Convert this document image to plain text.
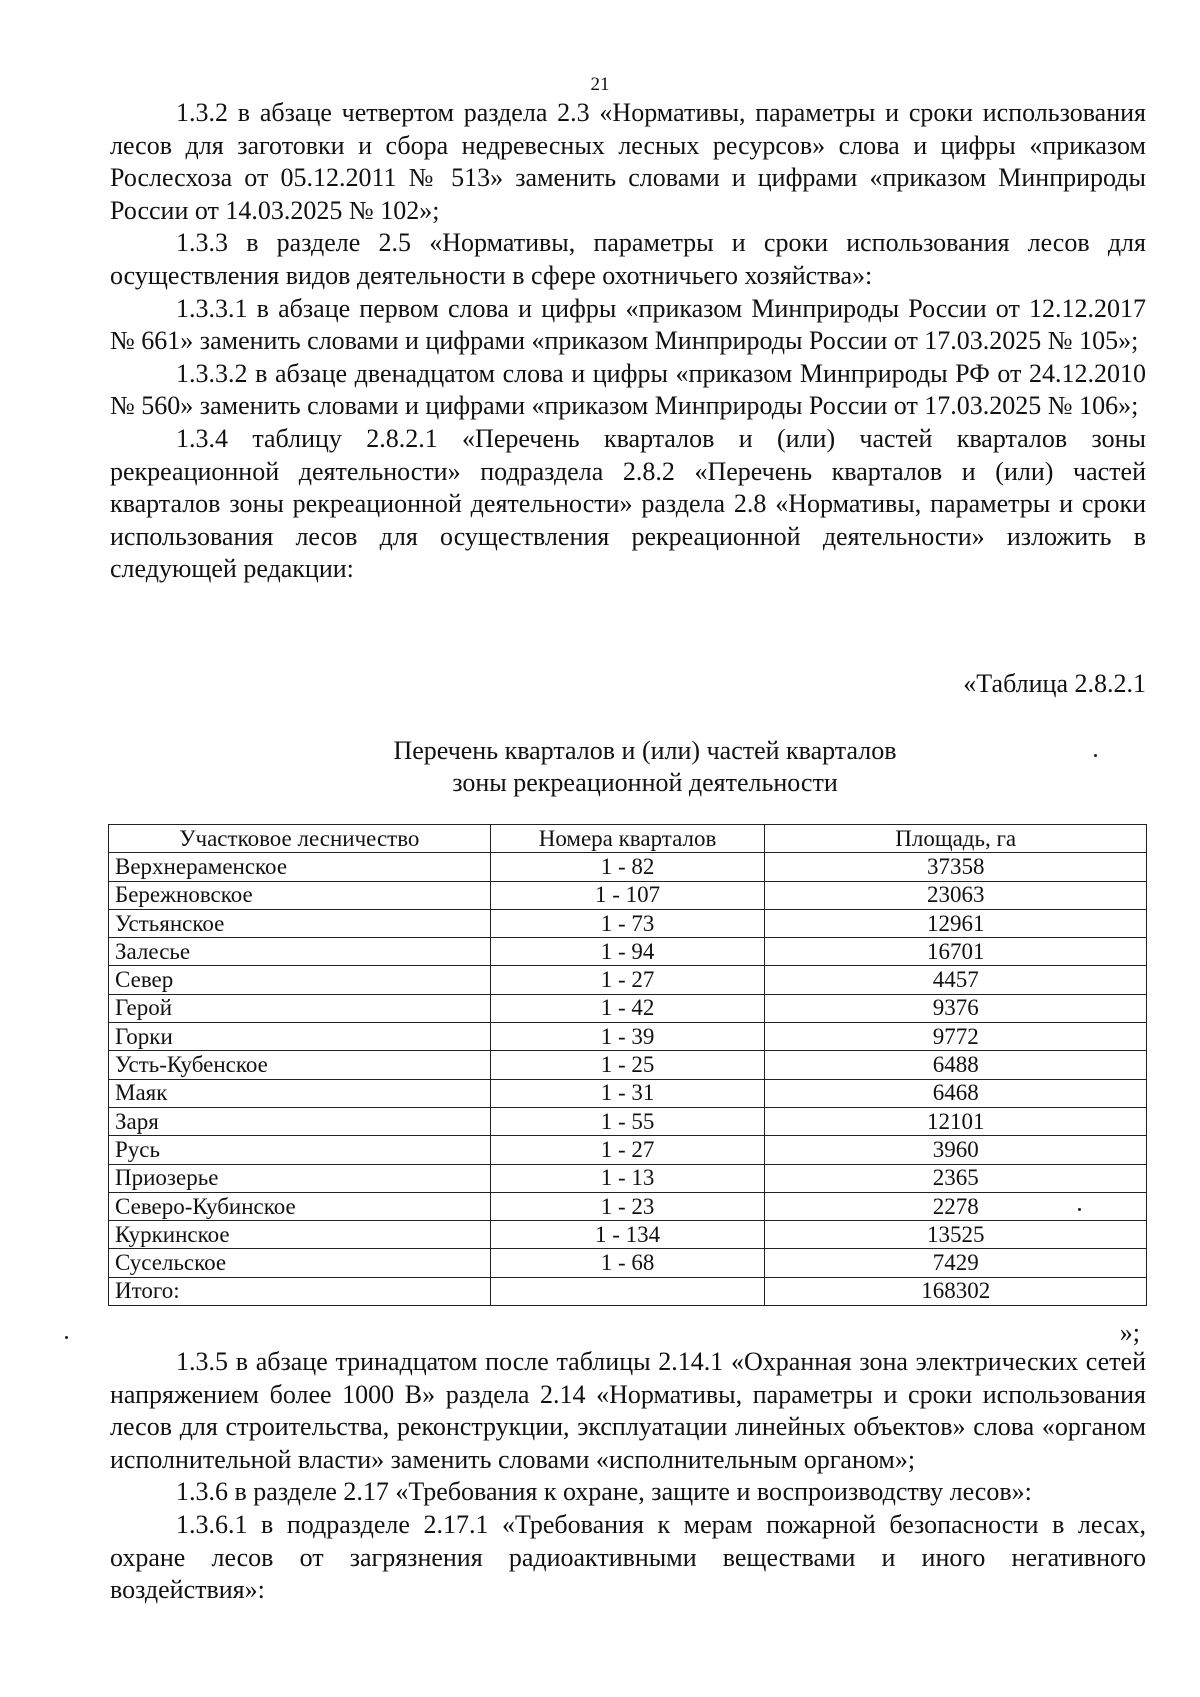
21

1.3.2 в абзаце четвертом раздела 2.3 «Нормативы, параметры и сроки использования лесов для заготовки и сбора недревесных лесных ресурсов» слова и цифры «приказом Рослесхоза от 05.12.2011 № 513» заменить словами и цифрами «приказом Минприроды России от 14.03.2025 № 102»;

1.3.3 в разделе 2.5 «Нормативы, параметры и сроки использования лесов для осуществления видов деятельности в сфере охотничьего хозяйства»:

1.3.3.1 в абзаце первом слова и цифры «приказом Минприроды России от 12.12.2017 № 661» заменить словами и цифрами «приказом Минприроды России от 17.03.2025 № 105»;

1.3.3.2 в абзаце двенадцатом слова и цифры «приказом Минприроды РФ от 24.12.2010 № 560» заменить словами и цифрами «приказом Минприроды России от 17.03.2025 № 106»;

1.3.4 таблицу 2.8.2.1 «Перечень кварталов и (или) частей кварталов зоны рекреационной деятельности» подраздела 2.8.2 «Перечень кварталов и (или) частей кварталов зоны рекреационной деятельности» раздела 2.8 «Нормативы, параметры и сроки использования лесов для осуществления рекреационной деятельности» изложить в следующей редакции:

«Таблица 2.8.2.1
Перечень кварталов и (или) частей кварталов
зоны рекреационной деятельности
Участковое лесничество	Номера кварталов	Площадь, га
Верхнераменское	1 - 82	37358
Бережновское	1 - 107	23063
Устьянское	1 - 73	12961
Залесье	1 - 94	16701
Север	1 - 27	4457
Герой	1 - 42	9376
Горки	1 - 39	9772
Усть-Кубенское	1 - 25	6488
Маяк	1 - 31	6468
Заря	1 - 55	12101
Русь	1 - 27	3960
Приозерье	1 - 13	2365
Северо-Кубинское	1 - 23	2278
Куркинское	1 - 134	13525
Сусельское	1 - 68	7429
Итого:		168302
»;

1.3.5 в абзаце тринадцатом после таблицы 2.14.1 «Охранная зона электрических сетей напряжением более 1000 В» раздела 2.14 «Нормативы, параметры и сроки использования лесов для строительства, реконструкции, эксплуатации линейных объектов» слова «органом исполнительной власти» заменить словами «исполнительным органом»;

1.3.6 в разделе 2.17 «Требования к охране, защите и воспроизводству лесов»:

1.3.6.1 в подразделе 2.17.1 «Требования к мерам пожарной безопасности в лесах, охране лесов от загрязнения радиоактивными веществами и иного негативного воздействия»:
